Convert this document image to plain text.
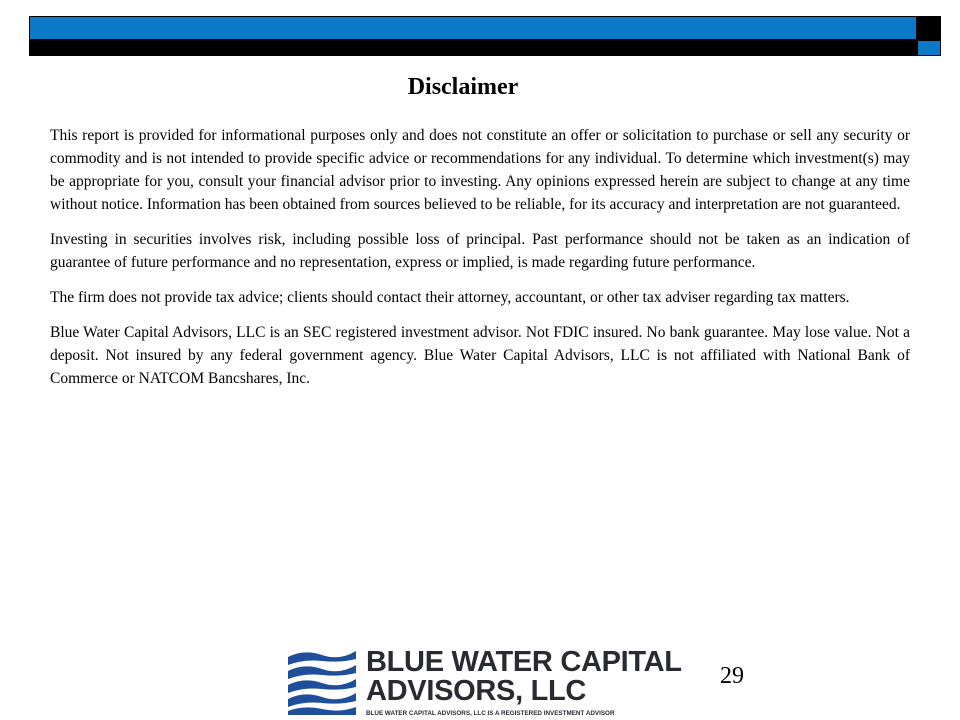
Disclaimer

This report is provided for informational purposes only and does not constitute an offer or solicitation to purchase or sell any security or commodity and is not intended to provide specific advice or recommendations for any individual. To determine which investment(s) may be appropriate for you, consult your financial advisor prior to investing. Any opinions expressed herein are subject to change at any time without notice. Information has been obtained from sources believed to be reliable, for its accuracy and interpretation are not guaranteed.

Investing in securities involves risk, including possible loss of principal. Past performance should not be taken as an indication of guarantee of future performance and no representation, express or implied, is made regarding future performance.

The firm does not provide tax advice; clients should contact their attorney, accountant, or other tax adviser regarding tax matters.

Blue Water Capital Advisors, LLC is an SEC registered investment advisor. Not FDIC insured. No bank guarantee. May lose value. Not a deposit. Not insured by any federal government agency. Blue Water Capital Advisors, LLC is not affiliated with National Bank of Commerce or NATCOM Bancshares, Inc.

BLUE WATER CAPITAL
ADVISORS, LLC
BLUE WATER CAPITAL ADVISORS, LLC IS A REGISTERED INVESTMENT ADVISOR
29
